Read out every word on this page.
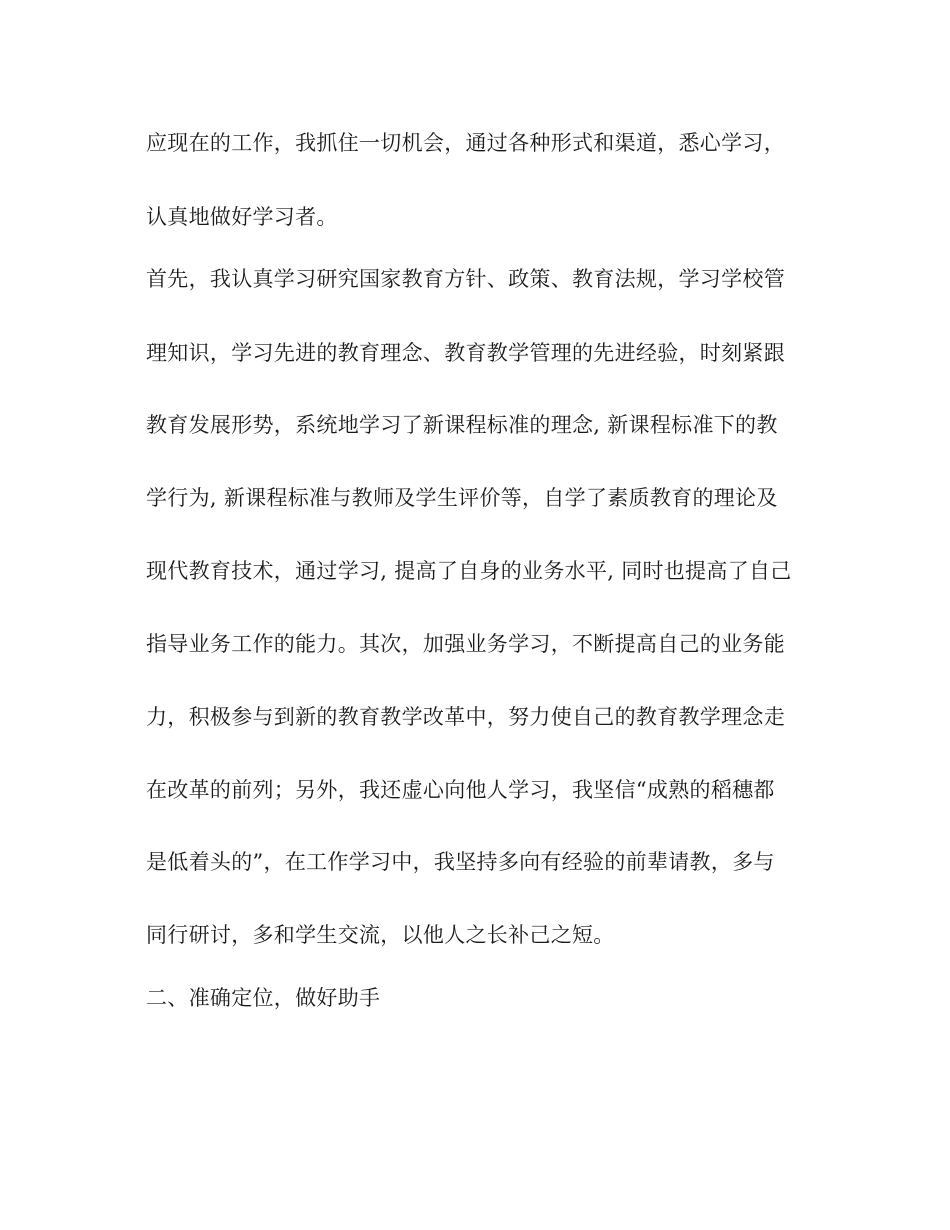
应现在的工作，我抓住一切机会，通过各种形式和渠道，悉心学习，

认真地做好学习者。

首先，我认真学习研究国家教育方针、政策、教育法规，学习学校管

理知识，学习先进的教育理念、教育教学管理的先进经验，时刻紧跟

教育发展形势，系统地学习了新课程标准的理念, 新课程标准下的教

学行为, 新课程标准与教师及学生评价等，自学了素质教育的理论及

现代教育技术，通过学习, 提高了自身的业务水平, 同时也提高了自己

指导业务工作的能力。其次，加强业务学习，不断提高自己的业务能

力，积极参与到新的教育教学改革中，努力使自己的教育教学理念走

在改革的前列；另外，我还虚心向他人学习，我坚信“成熟的稻穗都

是低着头的”，在工作学习中，我坚持多向有经验的前辈请教，多与

同行研讨，多和学生交流，以他人之长补己之短。

二、准确定位，做好助手
